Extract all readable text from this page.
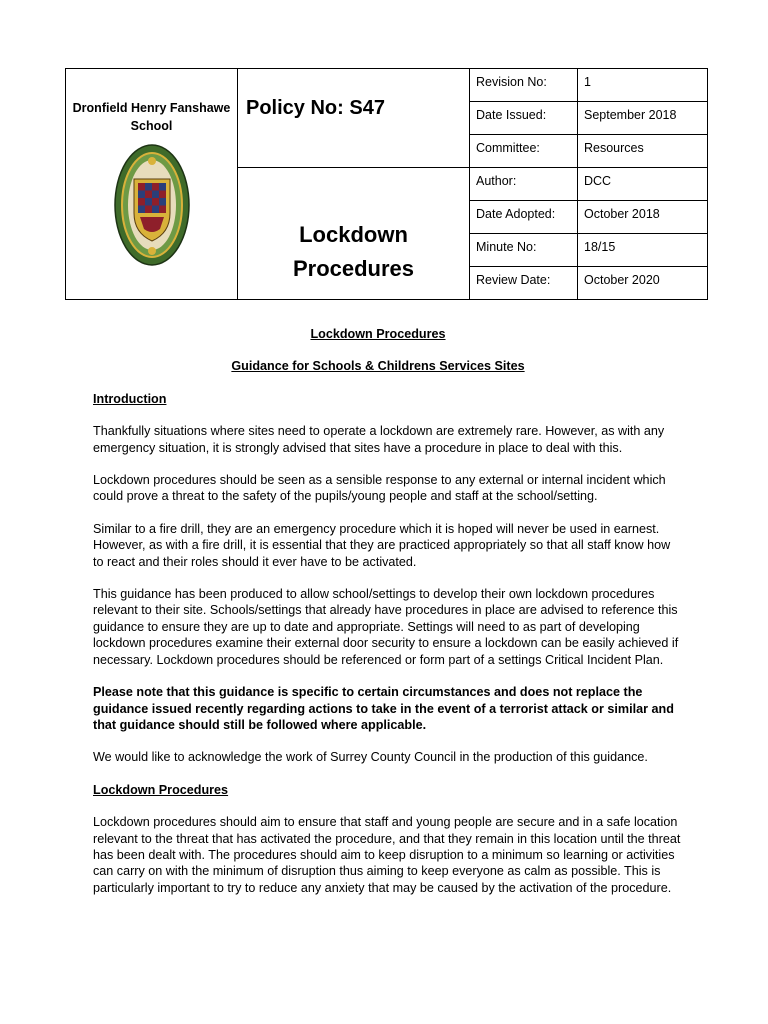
Dronfield Henry Fanshawe School	Policy No: S47	Revision No:	1
		Date Issued:	September 2018
		Committee:	Resources

	Lockdown Procedures	Author:	DCC
		Date Adopted:	October 2018
		Minute No:	18/15
		Review Date:	October 2020

Lockdown Procedures

Guidance for Schools & Childrens Services Sites

Introduction

Thankfully situations where sites need to operate a lockdown are extremely rare. However, as with any emergency situation, it is strongly advised that sites have a procedure in place to deal with this.

Lockdown procedures should be seen as a sensible response to any external or internal incident which could prove a threat to the safety of the pupils/young people and staff at the school/setting.

Similar to a fire drill, they are an emergency procedure which it is hoped will never be used in earnest. However, as with a fire drill, it is essential that they are practiced appropriately so that all staff know how to react and their roles should it ever have to be activated.

This guidance has been produced to allow school/settings to develop their own lockdown procedures relevant to their site. Schools/settings that already have procedures in place are advised to reference this guidance to ensure they are up to date and appropriate. Settings will need to as part of developing lockdown procedures examine their external door security to ensure a lockdown can be easily achieved if necessary. Lockdown procedures should be referenced or form part of a settings Critical Incident Plan.

Please note that this guidance is specific to certain circumstances and does not replace the guidance issued recently regarding actions to take in the event of a terrorist attack or similar and that guidance should still be followed where applicable.

We would like to acknowledge the work of Surrey County Council in the production of this guidance.

Lockdown Procedures

Lockdown procedures should aim to ensure that staff and young people are secure and in a safe location relevant to the threat that has activated the procedure, and that they remain in this location until the threat has been dealt with. The procedures should aim to keep disruption to a minimum so learning or activities can carry on with the minimum of disruption thus aiming to keep everyone as calm as possible. This is particularly important to try to reduce any anxiety that may be caused by the activation of the procedure.
